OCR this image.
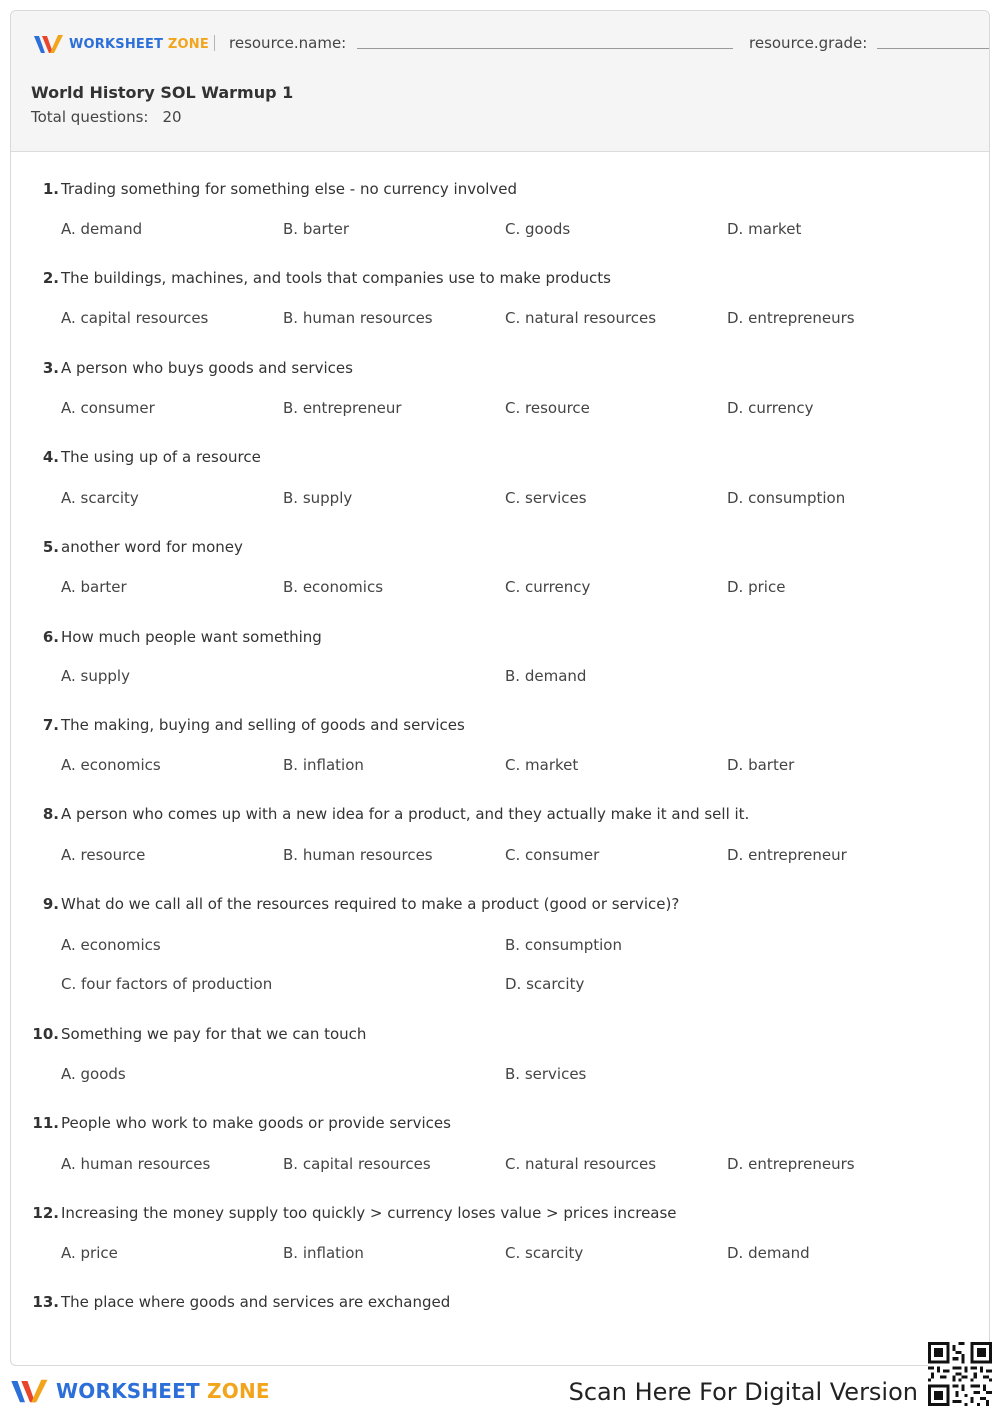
WORKSHEET ZONE resource.name:	resource.grade:
World History SOL Warmup 1
Total questions: 20
1. Trading something for something else - no currency involved
A. demand	B. barter	C. goods	D. market
2. The buildings, machines, and tools that companies use to make products
A. capital resources	B. human resources	C. natural resources	D. entrepreneurs
3. A person who buys goods and services
A. consumer	B. entrepreneur	C. resource	D. currency
4. The using up of a resource
A. scarcity	B. supply	C. services	D. consumption
5. another word for money
A. barter	B. economics	C. currency	D. price
6. How much people want something
A. supply	B. demand
7. The making, buying and selling of goods and services
A. economics	B. inflation	C. market	D. barter
8. A person who comes up with a new idea for a product, and they actually make it and sell it.
A. resource	B. human resources	C. consumer	D. entrepreneur
9. What do we call all of the resources required to make a product (good or service)?
A. economics	B. consumption
C. four factors of production	D. scarcity
10. Something we pay for that we can touch
A. goods	B. services
11. People who work to make goods or provide services
A. human resources	B. capital resources	C. natural resources	D. entrepreneurs
12. Increasing the money supply too quickly > currency loses value > prices increase
A. price	B. inflation	C. scarcity	D. demand
13. The place where goods and services are exchanged
WORKSHEET ZONE	Scan Here For Digital Version
